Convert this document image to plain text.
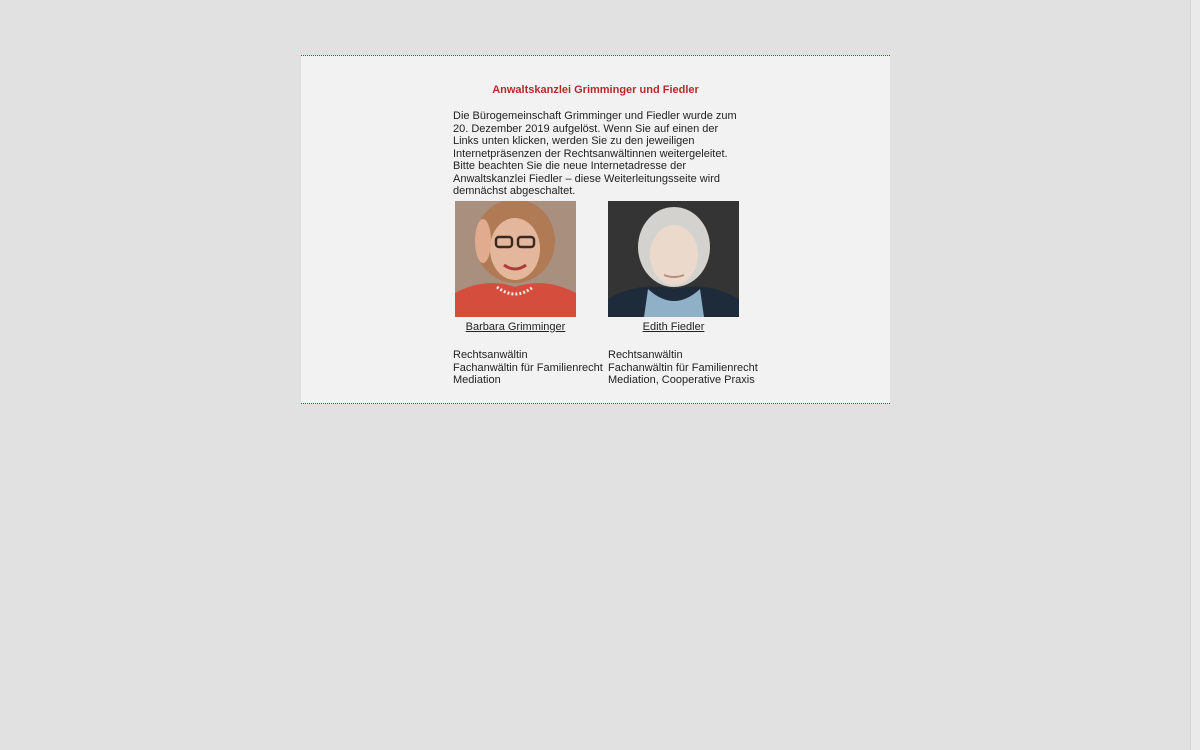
Anwaltskanzlei Grimminger und Fiedler

Die Bürogemeinschaft Grimminger und Fiedler wurde zum 20. Dezember 2019 aufgelöst. Wenn Sie auf einen der Links unten klicken, werden Sie zu den jeweiligen Internetpräsenzen der Rechtsanwältinnen weitergeleitet. Bitte beachten Sie die neue Internetadresse der Anwaltskanzlei Fiedler – diese Weiterleitungsseite wird demnächst abgeschaltet.

Barbara Grimminger	Edith Fiedler
Rechtsanwältin
Fachanwältin für Familienrecht
Mediation
Rechtsanwältin
Fachanwältin für Familienrecht
Mediation, Cooperative Praxis
